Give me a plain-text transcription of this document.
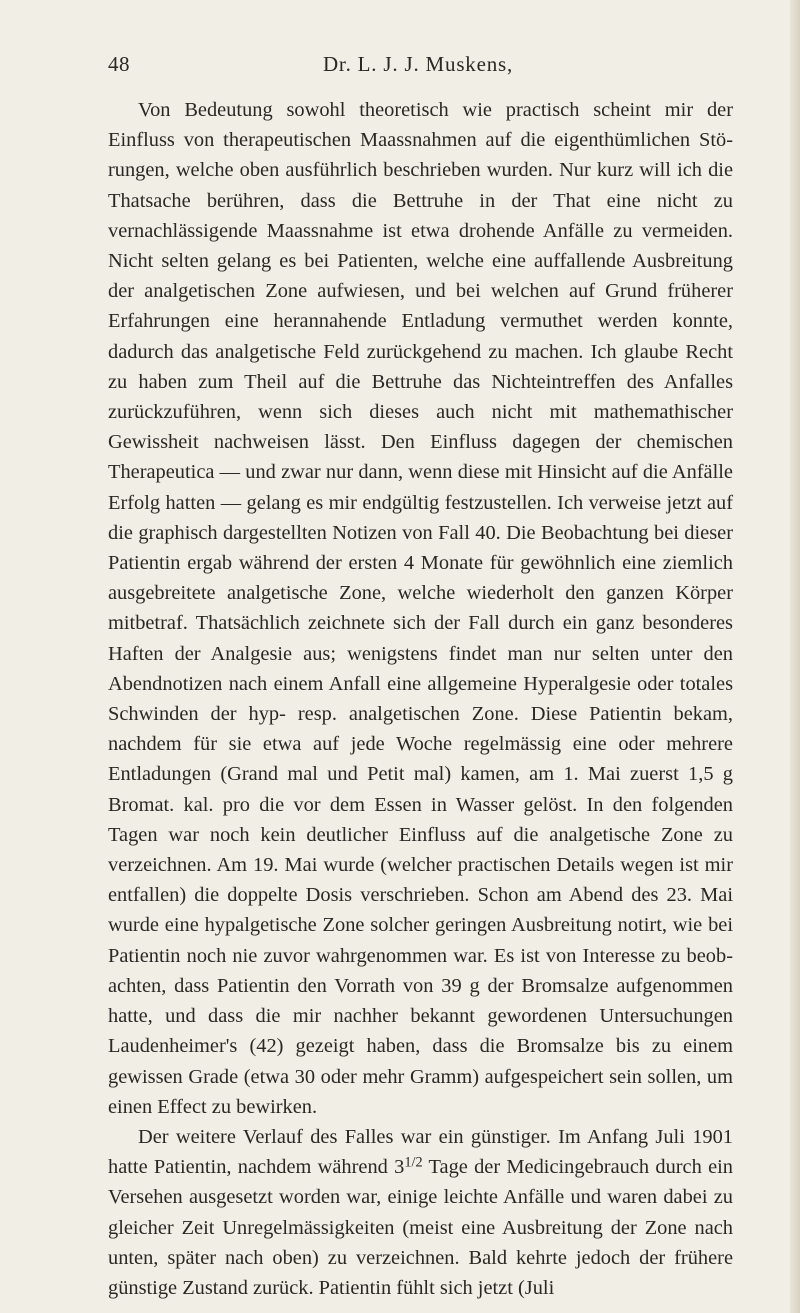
48	Dr. L. J. J. Muskens,

Von Bedeutung sowohl theoretisch wie practisch scheint mir der Einfluss von therapeutischen Maassnahmen auf die eigenthümlichen Störungen, welche oben ausführlich beschrieben wurden. Nur kurz will ich die Thatsache berühren, dass die Bettruhe in der That eine nicht zu vernachlässigende Maassnahme ist etwa drohende Anfälle zu vermeiden. Nicht selten gelang es bei Patienten, welche eine auffallende Ausbreitung der analgetischen Zone aufwiesen, und bei welchen auf Grund früherer Erfahrungen eine herannahende Entladung vermuthet werden konnte, dadurch das analgetische Feld zurückgehend zu machen. Ich glaube Recht zu haben zum Theil auf die Bettruhe das Nichteintreffen des Anfalles zurückzuführen, wenn sich dieses auch nicht mit mathemathischer Gewissheit nachweisen lässt. Den Einfluss dagegen der chemischen Therapeutica — und zwar nur dann, wenn diese mit Hinsicht auf die Anfälle Erfolg hatten — gelang es mir endgültig festzustellen. Ich verweise jetzt auf die graphisch dargestellten Notizen von Fall 40. Die Beobachtung bei dieser Patientin ergab während der ersten 4 Monate für gewöhnlich eine ziemlich ausgebreitete analgetische Zone, welche wiederholt den ganzen Körper mitbetraf. Thatsächlich zeichnete sich der Fall durch ein ganz besonderes Haften der Analgesie aus; wenigstens findet man nur selten unter den Abendnotizen nach einem Anfall eine allgemeine Hyperalgesie oder totales Schwinden der hyp- resp. analgetischen Zone. Diese Patientin bekam, nachdem für sie etwa auf jede Woche regelmässig eine oder mehrere Entladungen (Grand mal und Petit mal) kamen, am 1. Mai zuerst 1,5 g Bromat. kal. pro die vor dem Essen in Wasser gelöst. In den folgenden Tagen war noch kein deutlicher Einfluss auf die analgetische Zone zu verzeichnen. Am 19. Mai wurde (welcher practischen Details wegen ist mir entfallen) die doppelte Dosis verschrieben. Schon am Abend des 23. Mai wurde eine hypalgetische Zone solcher geringen Ausbreitung notirt, wie bei Patientin noch nie zuvor wahrgenommen war. Es ist von Interesse zu beobachten, dass Patientin den Vorrath von 39 g der Bromsalze aufgenommen hatte, und dass die mir nachher bekannt gewordenen Untersuchungen Laudenheimer's (42) gezeigt haben, dass die Bromsalze bis zu einem gewissen Grade (etwa 30 oder mehr Gramm) aufgespeichert sein sollen, um einen Effect zu bewirken.

Der weitere Verlauf des Falles war ein günstiger. Im Anfang Juli 1901 hatte Patientin, nachdem während $3^{1/2}$ Tage der Medicingebrauch durch ein Versehen ausgesetzt worden war, einige leichte Anfälle und waren dabei zu gleicher Zeit Unregelmässigkeiten (meist eine Ausbreitung der Zone nach unten, später nach oben) zu verzeichnen. Bald kehrte jedoch der frühere günstige Zustand zurück. Patientin fühlt sich jetzt (Juli
